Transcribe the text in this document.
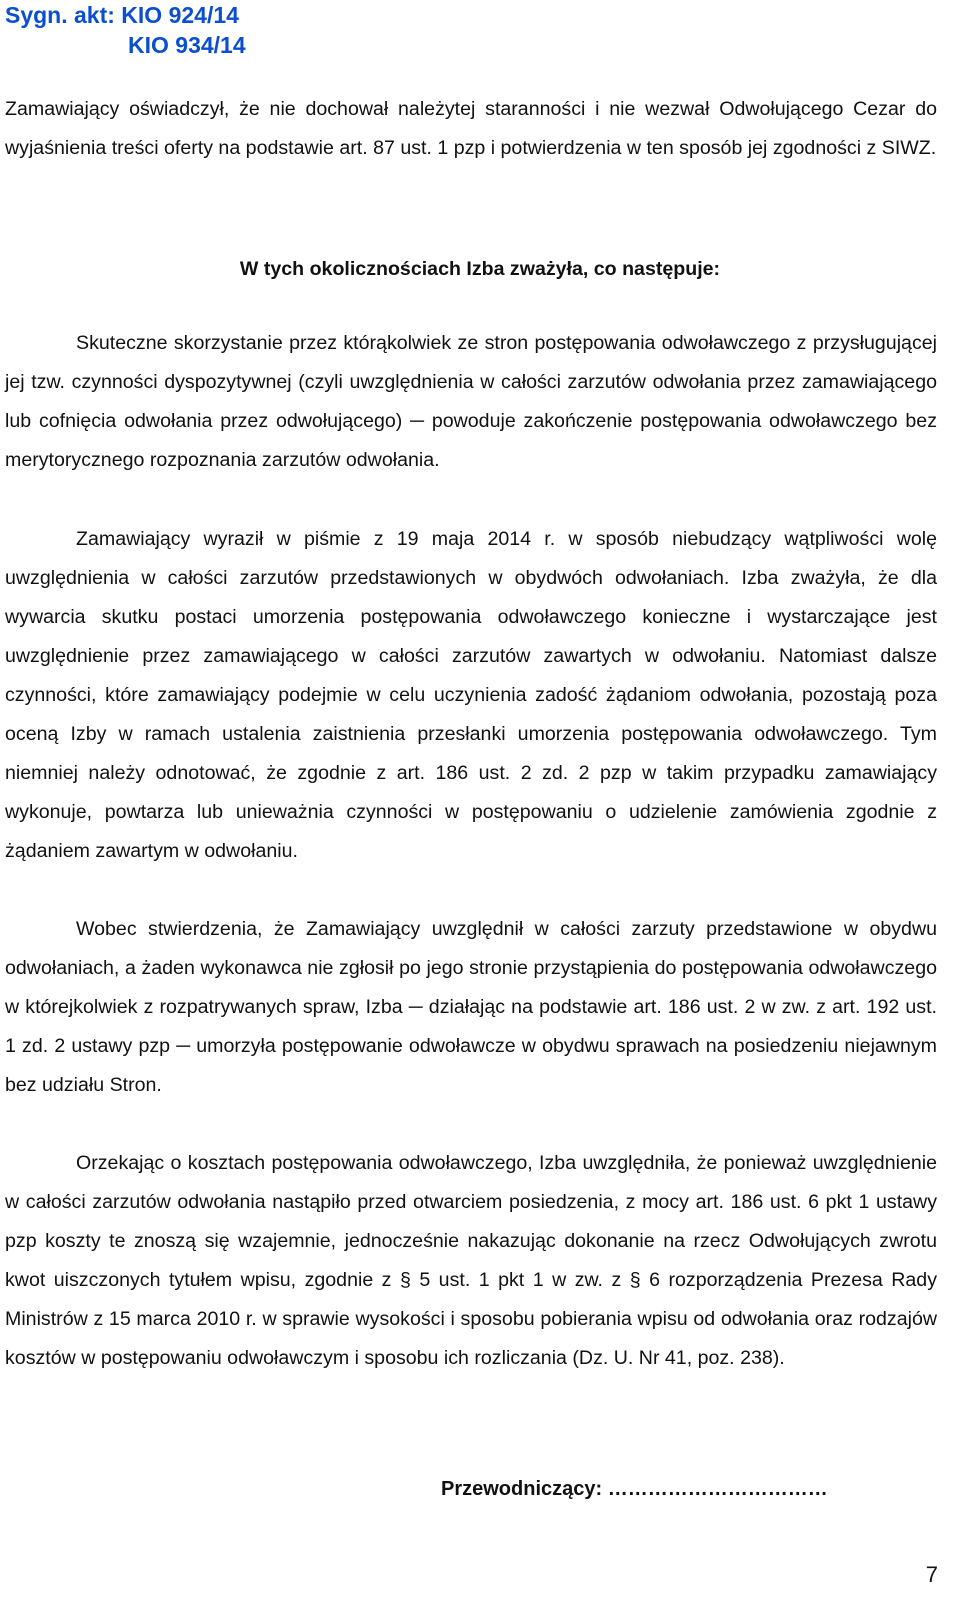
Sygn. akt: KIO 924/14
KIO 934/14

Zamawiający oświadczył, że nie dochował należytej staranności i nie wezwał Odwołującego Cezar do wyjaśnienia treści oferty na podstawie art. 87 ust. 1 pzp i potwierdzenia w ten sposób jej zgodności z SIWZ.

W tych okolicznościach Izba zważyła, co następuje:

Skuteczne skorzystanie przez którąkolwiek ze stron postępowania odwoławczego z przysługującej jej tzw. czynności dyspozytywnej (czyli uwzględnienia w całości zarzutów odwołania przez zamawiającego lub cofnięcia odwołania przez odwołującego) ─ powoduje zakończenie postępowania odwoławczego bez merytorycznego rozpoznania zarzutów odwołania.

Zamawiający wyraził w piśmie z 19 maja 2014 r. w sposób niebudzący wątpliwości wolę uwzględnienia w całości zarzutów przedstawionych w obydwóch odwołaniach. Izba zważyła, że dla wywarcia skutku postaci umorzenia postępowania odwoławczego konieczne i wystarczające jest uwzględnienie przez zamawiającego w całości zarzutów zawartych w odwołaniu. Natomiast dalsze czynności, które zamawiający podejmie w celu uczynienia zadość żądaniom odwołania, pozostają poza oceną Izby w ramach ustalenia zaistnienia przesłanki umorzenia postępowania odwoławczego. Tym niemniej należy odnotować, że zgodnie z art. 186 ust. 2 zd. 2 pzp w takim przypadku zamawiający wykonuje, powtarza lub unieważnia czynności w postępowaniu o udzielenie zamówienia zgodnie z żądaniem zawartym w odwołaniu.

Wobec stwierdzenia, że Zamawiający uwzględnił w całości zarzuty przedstawione w obydwu odwołaniach, a żaden wykonawca nie zgłosił po jego stronie przystąpienia do postępowania odwoławczego w którejkolwiek z rozpatrywanych spraw, Izba ─ działając na podstawie art. 186 ust. 2 w zw. z art. 192 ust. 1 zd. 2 ustawy pzp ─ umorzyła postępowanie odwoławcze w obydwu sprawach na posiedzeniu niejawnym bez udziału Stron.

Orzekając o kosztach postępowania odwoławczego, Izba uwzględniła, że ponieważ uwzględnienie w całości zarzutów odwołania nastąpiło przed otwarciem posiedzenia, z mocy art. 186 ust. 6 pkt 1 ustawy pzp koszty te znoszą się wzajemnie, jednocześnie nakazując dokonanie na rzecz Odwołujących zwrotu kwot uiszczonych tytułem wpisu, zgodnie z § 5 ust. 1 pkt 1 w zw. z § 6 rozporządzenia Prezesa Rady Ministrów z 15 marca 2010 r. w sprawie wysokości i sposobu pobierania wpisu od odwołania oraz rodzajów kosztów w postępowaniu odwoławczym i sposobu ich rozliczania (Dz. U. Nr 41, poz. 238).

Przewodniczący: ……………………………

7
